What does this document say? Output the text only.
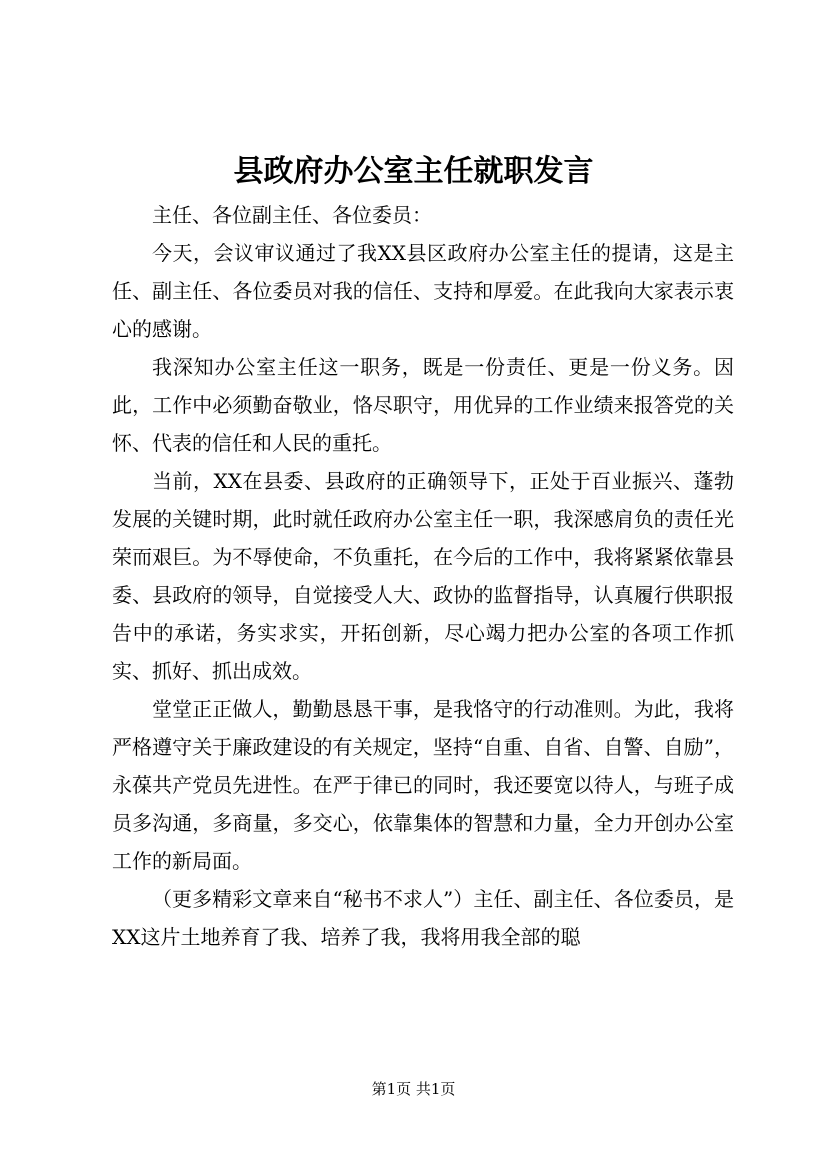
县政府办公室主任就职发言

主任、各位副主任、各位委员：

今天，会议审议通过了我XX县区政府办公室主任的提请，这是主任、副主任、各位委员对我的信任、支持和厚爱。在此我向大家表示衷心的感谢。

我深知办公室主任这一职务，既是一份责任、更是一份义务。因此，工作中必须勤奋敬业，恪尽职守，用优异的工作业绩来报答党的关怀、代表的信任和人民的重托。

当前，XX在县委、县政府的正确领导下，正处于百业振兴、蓬勃发展的关键时期，此时就任政府办公室主任一职，我深感肩负的责任光荣而艰巨。为不辱使命，不负重托，在今后的工作中，我将紧紧依靠县委、县政府的领导，自觉接受人大、政协的监督指导，认真履行供职报告中的承诺，务实求实，开拓创新，尽心竭力把办公室的各项工作抓实、抓好、抓出成效。

堂堂正正做人，勤勤恳恳干事，是我恪守的行动准则。为此，我将严格遵守关于廉政建设的有关规定，坚持“自重、自省、自警、自励”，永葆共产党员先进性。在严于律已的同时，我还要宽以待人，与班子成员多沟通，多商量，多交心，依靠集体的智慧和力量，全力开创办公室工作的新局面。

（更多精彩文章来自“秘书不求人”）主任、副主任、各位委员，是XX这片土地养育了我、培养了我，我将用我全部的聪

第1页 共1页
